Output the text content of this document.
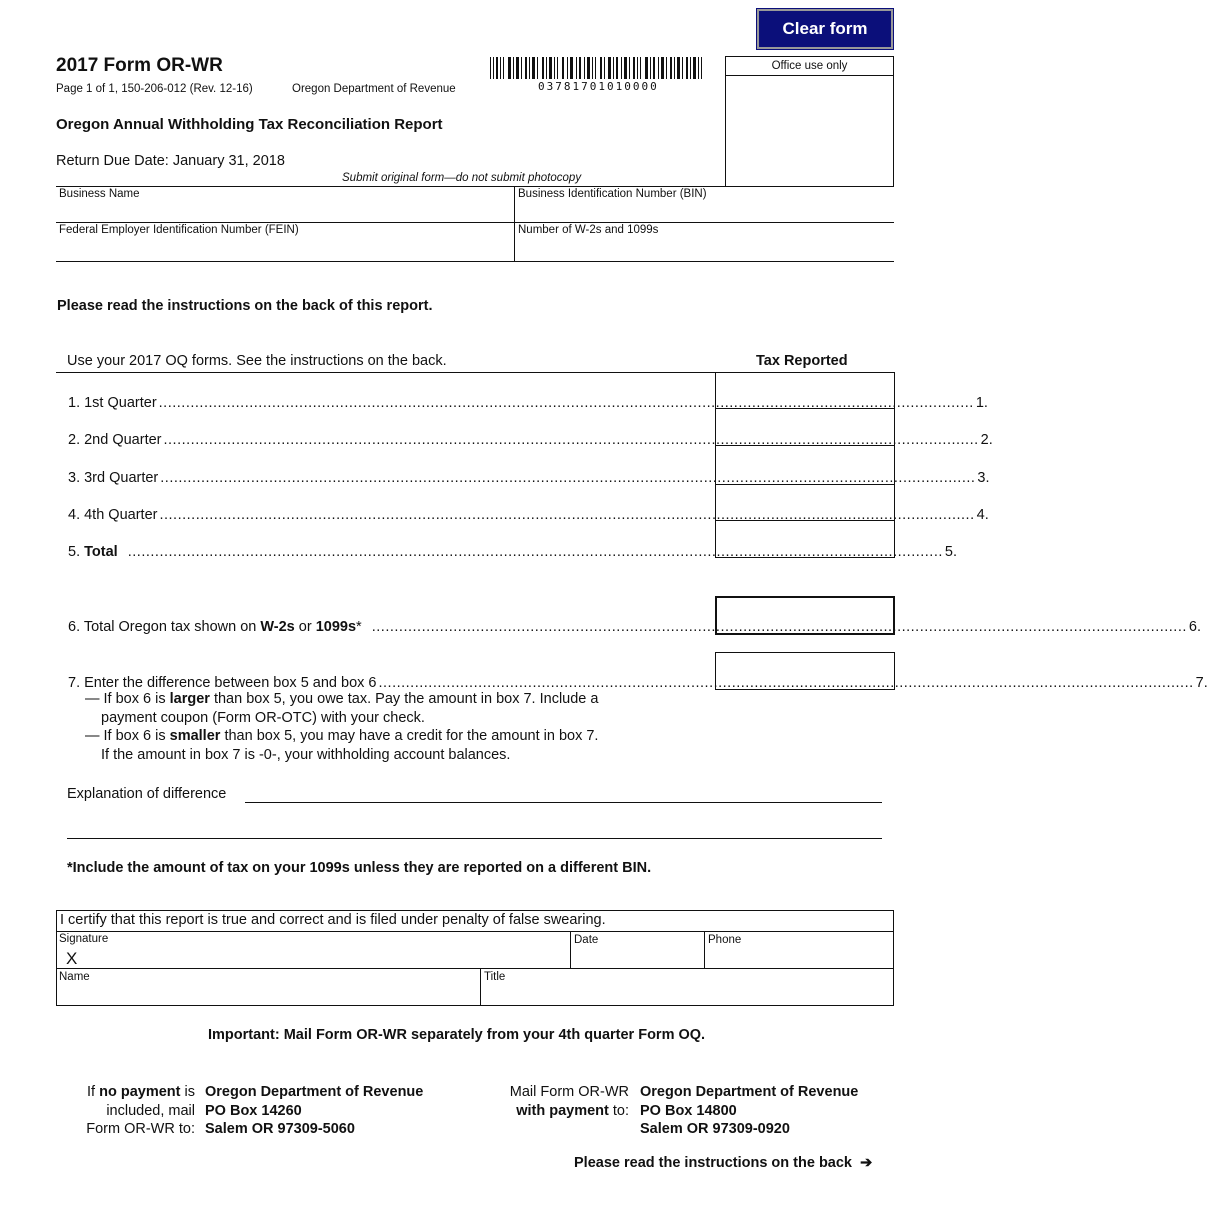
Clear form
2017 Form OR-WR
Page 1 of 1, 150-206-012 (Rev. 12-16)	Oregon Department of Revenue	03781701010000
Office use only
Oregon Annual Withholding Tax Reconciliation Report
Return Due Date: January 31, 2018
Submit original form—do not submit photocopy
Business Name	Business Identification Number (BIN)
Federal Employer Identification Number (FEIN)	Number of W-2s and 1099s
Please read the instructions on the back of this report.
Use your 2017 OQ forms. See the instructions on the back.	Tax Reported
1. 1st Quarter .................................................................................................................................................................................... 1.
2. 2nd Quarter .................................................................................................................................................................................... 2.
3. 3rd Quarter .................................................................................................................................................................................... 3.
4. 4th Quarter .................................................................................................................................................................................... 4.
5. Total .................................................................................................................................................................................... 5.
6. Total Oregon tax shown on W-2s or 1099s* .................................................................................................................................................................................... 6.
7. Enter the difference between box 5 and box 6 .................................................................................................................................................................................... 7.
— If box 6 is larger than box 5, you owe tax. Pay the amount in box 7. Include a
payment coupon (Form OR-OTC) with your check.
— If box 6 is smaller than box 5, you may have a credit for the amount in box 7.
If the amount in box 7 is -0-, your withholding account balances.
Explanation of difference
*Include the amount of tax on your 1099s unless they are reported on a different BIN.
I certify that this report is true and correct and is filed under penalty of false swearing.
Signature
X
Date	Phone
Name	Title
Important: Mail Form OR-WR separately from your 4th quarter Form OQ.
If no payment is
included, mail
Form OR-WR to:
Oregon Department of Revenue
PO Box 14260
Salem OR 97309-5060
Mail Form OR-WR
with payment to:
Oregon Department of Revenue
PO Box 14800
Salem OR 97309-0920
Please read the instructions on the back ➔
